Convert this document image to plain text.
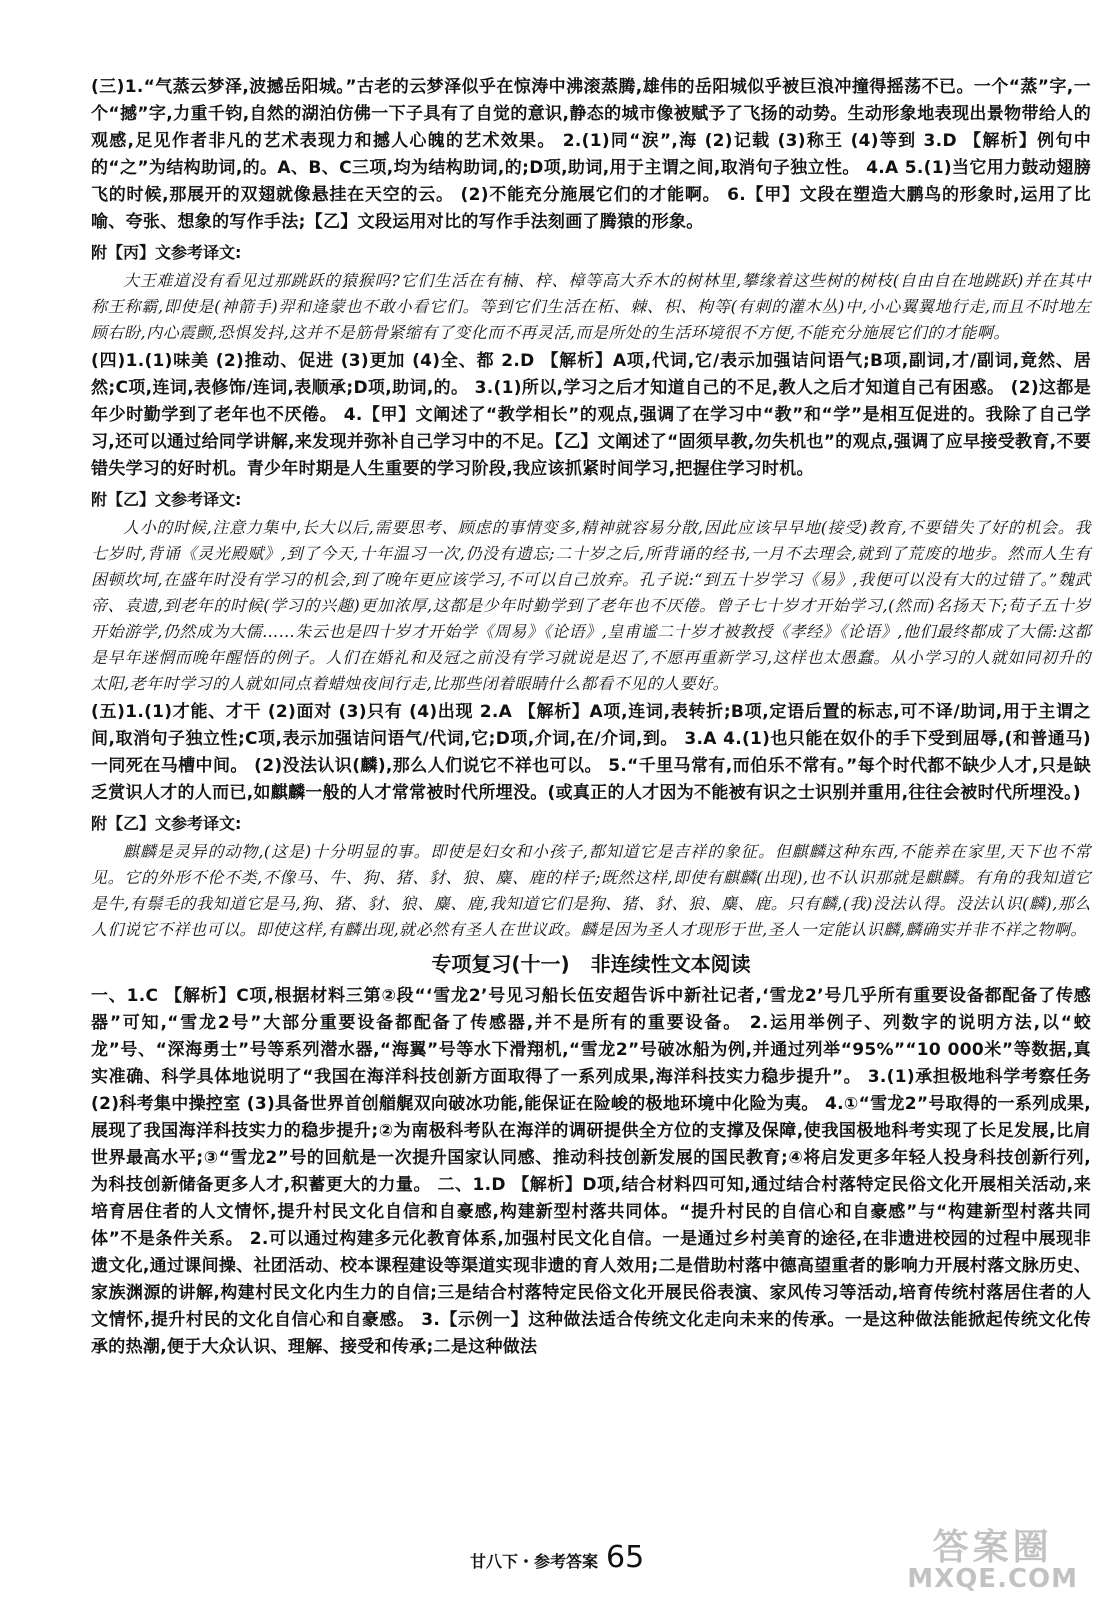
(三)1.“气蒸云梦泽,波撼岳阳城。”古老的云梦泽似乎在惊涛中沸滚蒸腾,雄伟的岳阳城似乎被巨浪冲撞得摇荡不已。一个“蒸”字,一个“撼”字,力重千钧,自然的湖泊仿佛一下子具有了自觉的意识,静态的城市像被赋予了飞扬的动势。生动形象地表现出景物带给人的观感,足见作者非凡的艺术表现力和撼人心魄的艺术效果。 2.(1)同“涙”,海 (2)记载 (3)称王 (4)等到 3.D 【解析】例句中的“之”为结构助词,的。A、B、C三项,均为结构助词,的;D项,助词,用于主谓之间,取消句子独立性。 4.A 5.(1)当它用力鼓动翅膀飞的时候,那展开的双翅就像悬挂在天空的云。 (2)不能充分施展它们的才能啊。 6.【甲】文段在塑造大鹏鸟的形象时,运用了比喻、夸张、想象的写作手法;【乙】文段运用对比的写作手法刻画了腾猿的形象。

附【丙】文参考译文:

大王难道没有看见过那跳跃的猿猴吗?它们生活在有楠、梓、樟等高大乔木的树林里,攀缘着这些树的树枝(自由自在地跳跃)并在其中称王称霸,即使是(神箭手)羿和逄蒙也不敢小看它们。等到它们生活在柘、棘、枳、枸等(有刺的灌木丛)中,小心翼翼地行走,而且不时地左顾右盼,内心震颤,恐惧发抖,这并不是筋骨紧缩有了变化而不再灵活,而是所处的生活环境很不方便,不能充分施展它们的才能啊。

(四)1.(1)味美 (2)推动、促进 (3)更加 (4)全、都 2.D 【解析】A项,代词,它/表示加强诘问语气;B项,副词,才/副词,竟然、居然;C项,连词,表修饰/连词,表顺承;D项,助词,的。 3.(1)所以,学习之后才知道自己的不足,教人之后才知道自己有困惑。 (2)这都是年少时勤学到了老年也不厌倦。 4.【甲】文阐述了“教学相长”的观点,强调了在学习中“教”和“学”是相互促进的。我除了自己学习,还可以通过给同学讲解,来发现并弥补自己学习中的不足。【乙】文阐述了“固须早教,勿失机也”的观点,强调了应早接受教育,不要错失学习的好时机。青少年时期是人生重要的学习阶段,我应该抓紧时间学习,把握住学习时机。

附【乙】文参考译文:

人小的时候,注意力集中,长大以后,需要思考、顾虑的事情变多,精神就容易分散,因此应该早早地(接受)教育,不要错失了好的机会。我七岁时,背诵《灵光殿赋》,到了今天,十年温习一次,仍没有遗忘;二十岁之后,所背诵的经书,一月不去理会,就到了荒废的地步。然而人生有困顿坎坷,在盛年时没有学习的机会,到了晚年更应该学习,不可以自己放弃。孔子说:“到五十岁学习《易》,我便可以没有大的过错了。”魏武帝、袁遗,到老年的时候(学习的兴趣)更加浓厚,这都是少年时勤学到了老年也不厌倦。曾子七十岁才开始学习,(然而)名扬天下;荀子五十岁开始游学,仍然成为大儒……朱云也是四十岁才开始学《周易》《论语》,皇甫谧二十岁才被教授《孝经》《论语》,他们最终都成了大儒:这都是早年迷惘而晚年醒悟的例子。人们在婚礼和及冠之前没有学习就说是迟了,不愿再重新学习,这样也太愚蠢。从小学习的人就如同初升的太阳,老年时学习的人就如同点着蜡烛夜间行走,比那些闭着眼睛什么都看不见的人要好。

(五)1.(1)才能、才干 (2)面对 (3)只有 (4)出现 2.A 【解析】A项,连词,表转折;B项,定语后置的标志,可不译/助词,用于主谓之间,取消句子独立性;C项,表示加强诘问语气/代词,它;D项,介词,在/介词,到。 3.A 4.(1)也只能在奴仆的手下受到屈辱,(和普通马)一同死在马槽中间。 (2)没法认识(麟),那么人们说它不祥也可以。 5.“千里马常有,而伯乐不常有。”每个时代都不缺少人才,只是缺乏赏识人才的人而已,如麒麟一般的人才常常被时代所埋没。(或真正的人才因为不能被有识之士识别并重用,往往会被时代所埋没。)

附【乙】文参考译文:

麒麟是灵异的动物,(这是)十分明显的事。即使是妇女和小孩子,都知道它是吉祥的象征。但麒麟这种东西,不能养在家里,天下也不常见。它的外形不伦不类,不像马、牛、狗、猪、豺、狼、麋、鹿的样子;既然这样,即使有麒麟(出现),也不认识那就是麒麟。有角的我知道它是牛,有鬃毛的我知道它是马,狗、猪、豺、狼、麋、鹿,我知道它们是狗、猪、豺、狼、麋、鹿。只有麟,(我)没法认得。没法认识(麟),那么人们说它不祥也可以。即使这样,有麟出现,就必然有圣人在世议政。麟是因为圣人才现形于世,圣人一定能认识麟,麟确实并非不祥之物啊。

专项复习(十一) 非连续性文本阅读

一、1.C 【解析】C项,根据材料三第②段“‘雪龙2’号见习船长伍安超告诉中新社记者,‘雪龙2’号几乎所有重要设备都配备了传感器”可知,“雪龙2号”大部分重要设备都配备了传感器,并不是所有的重要设备。 2.运用举例子、列数字的说明方法,以“蛟龙”号、“深海勇士”号等系列潜水器,“海翼”号等水下滑翔机,“雪龙2”号破冰船为例,并通过列举“95%”“10 000米”等数据,真实准确、科学具体地说明了“我国在海洋科技创新方面取得了一系列成果,海洋科技实力稳步提升”。 3.(1)承担极地科学考察任务 (2)科考集中操控室 (3)具备世界首创艏艉双向破冰功能,能保证在险峻的极地环境中化险为夷。 4.①“雪龙2”号取得的一系列成果,展现了我国海洋科技实力的稳步提升;②为南极科考队在海洋的调研提供全方位的支撑及保障,使我国极地科考实现了长足发展,比肩世界最高水平;③“雪龙2”号的回航是一次提升国家认同感、推动科技创新发展的国民教育;④将启发更多年轻人投身科技创新行列,为科技创新储备更多人才,积蓄更大的力量。 二、1.D 【解析】D项,结合材料四可知,通过结合村落特定民俗文化开展相关活动,来培育居住者的人文情怀,提升村民文化自信和自豪感,构建新型村落共同体。“提升村民的自信心和自豪感”与“构建新型村落共同体”不是条件关系。 2.可以通过构建多元化教育体系,加强村民文化自信。一是通过乡村美育的途径,在非遗进校园的过程中展现非遗文化,通过课间操、社团活动、校本课程建设等渠道实现非遗的育人效用;二是借助村落中德高望重者的影响力开展村落文脉历史、家族渊源的讲解,构建村民文化内生力的自信;三是结合村落特定民俗文化开展民俗表演、家风传习等活动,培育传统村落居住者的人文情怀,提升村民的文化自信心和自豪感。 3.【示例一】这种做法适合传统文化走向未来的传承。一是这种做法能掀起传统文化传承的热潮,便于大众认识、理解、接受和传承;二是这种做法

甘八下・参考答案 65	答案圈
MXQE.COM
